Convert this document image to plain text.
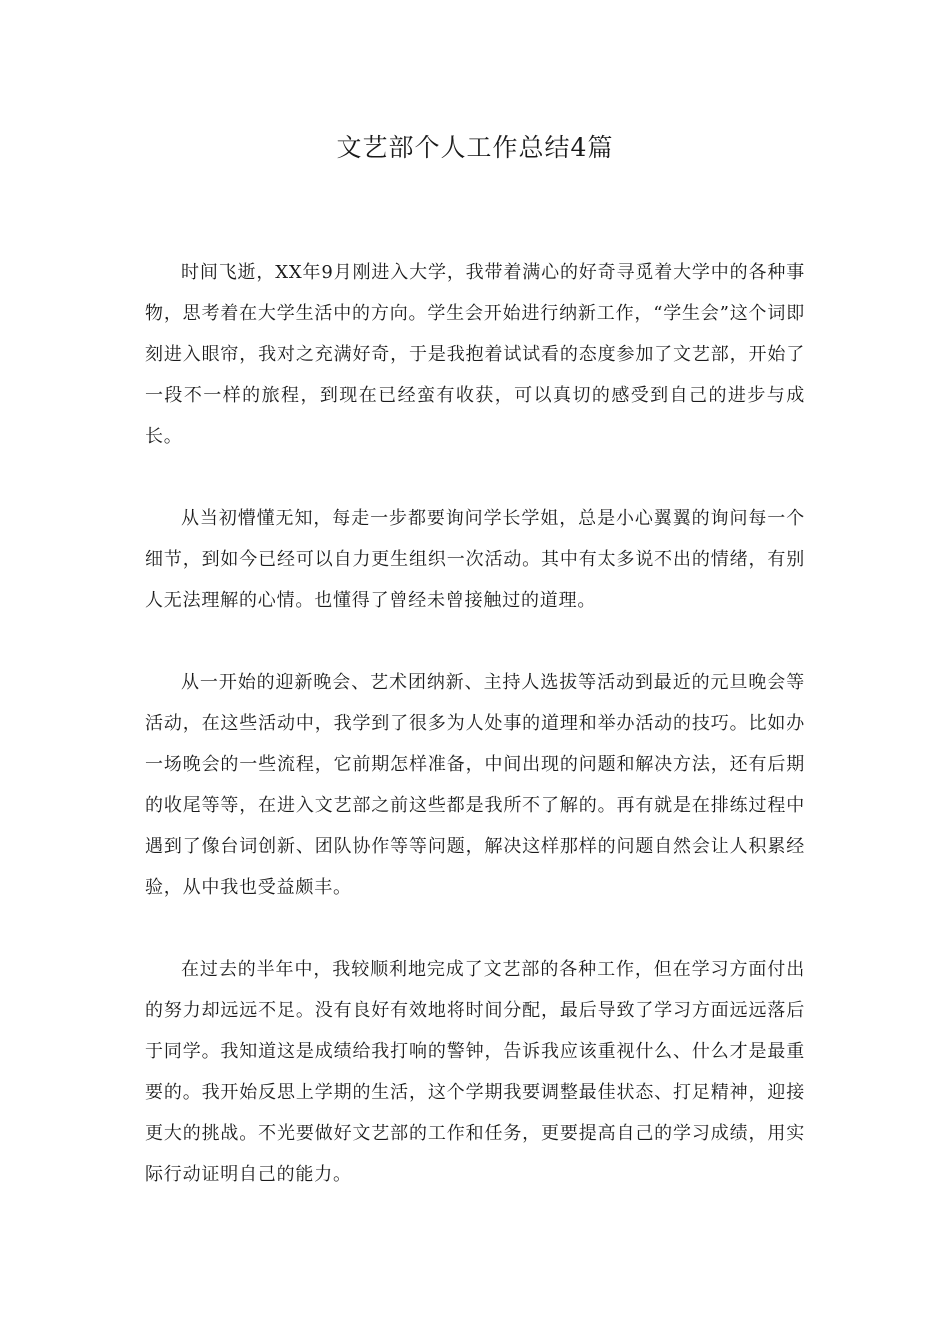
文艺部个人工作总结4篇

时间飞逝，XX年9月刚进入大学，我带着满心的好奇寻觅着大学中的各种事物，思考着在大学生活中的方向。学生会开始进行纳新工作，“学生会”这个词即刻进入眼帘，我对之充满好奇，于是我抱着试试看的态度参加了文艺部，开始了一段不一样的旅程，到现在已经蛮有收获，可以真切的感受到自己的进步与成长。

从当初懵懂无知，每走一步都要询问学长学姐，总是小心翼翼的询问每一个细节，到如今已经可以自力更生组织一次活动。其中有太多说不出的情绪，有别人无法理解的心情。也懂得了曾经未曾接触过的道理。

从一开始的迎新晚会、艺术团纳新、主持人选拔等活动到最近的元旦晚会等活动，在这些活动中，我学到了很多为人处事的道理和举办活动的技巧。比如办一场晚会的一些流程，它前期怎样准备，中间出现的问题和解决方法，还有后期的收尾等等，在进入文艺部之前这些都是我所不了解的。再有就是在排练过程中遇到了像台词创新、团队协作等等问题，解决这样那样的问题自然会让人积累经验，从中我也受益颇丰。

在过去的半年中，我较顺利地完成了文艺部的各种工作，但在学习方面付出的努力却远远不足。没有良好有效地将时间分配，最后导致了学习方面远远落后于同学。我知道这是成绩给我打响的警钟，告诉我应该重视什么、什么才是最重要的。我开始反思上学期的生活，这个学期我要调整最佳状态、打足精神，迎接更大的挑战。不光要做好文艺部的工作和任务，更要提高自己的学习成绩，用实际行动证明自己的能力。
